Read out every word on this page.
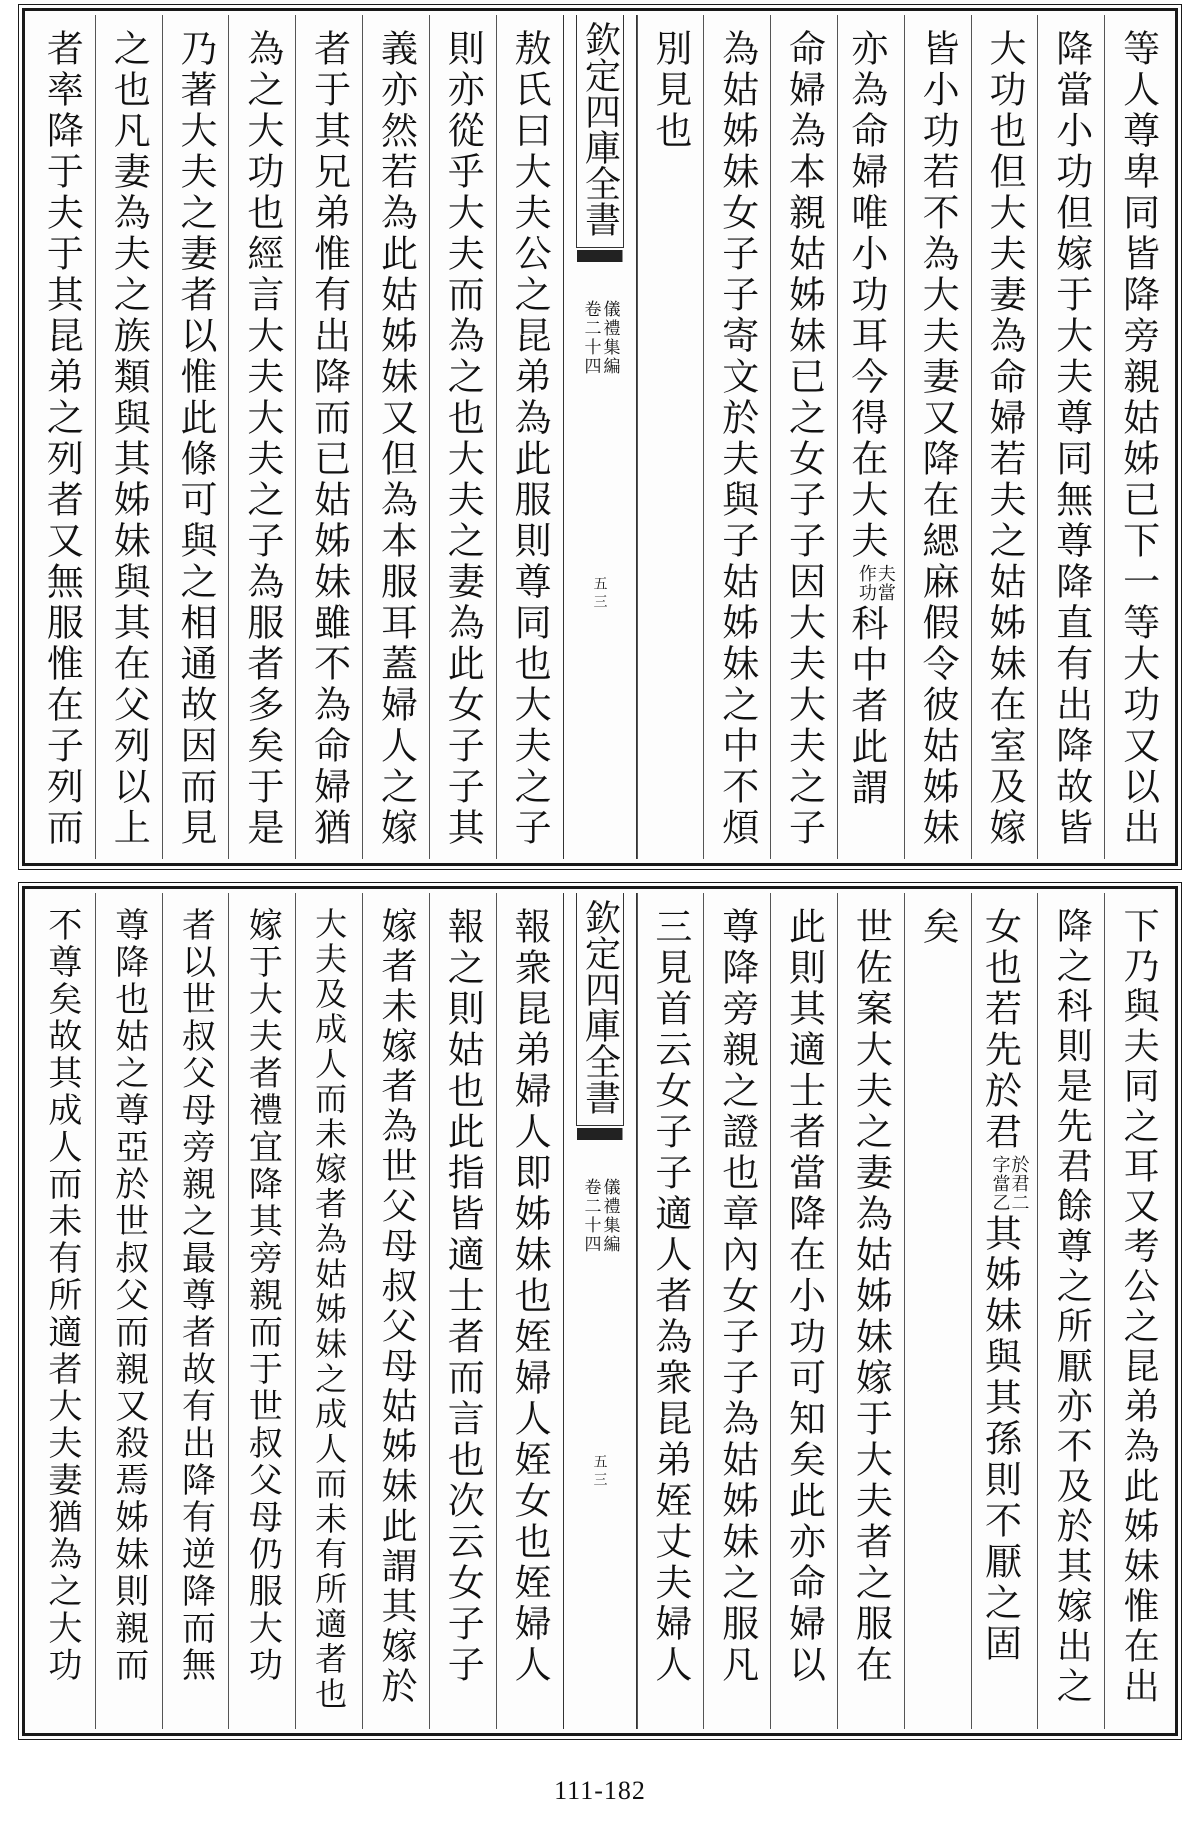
等人尊卑同皆降旁親姑姊已下一等大功又以出
降當小功但嫁于大夫尊同無尊降直有出降故皆
大功也但大夫妻為命婦若夫之姑姊妹在室及嫁
皆小功若不為大夫妻又降在緦麻假令彼姑姊妹
亦為命婦唯小功耳今得在大夫
夫當
作功
科中者此謂
命婦為本親姑姊妹已之女子子因大夫大夫之子
為姑姊妹女子子寄文於夫與子姑姊妹之中不煩
別見也
欽定四庫全書
儀禮集編
卷二十四
五三
敖氏曰大夫公之昆弟為此服則尊同也大夫之子
則亦從乎大夫而為之也大夫之妻為此女子子其
義亦然若為此姑姊妹又但為本服耳蓋婦人之嫁
者于其兄弟惟有出降而已姑姊妹雖不為命婦猶
為之大功也經言大夫大夫之子為服者多矣于是
乃著大夫之妻者以惟此條可與之相通故因而見
之也凡妻為夫之族類與其姊妹與其在父列以上
者率降于夫于其昆弟之列者又無服惟在子列而
下乃與夫同之耳又考公之昆弟為此姊妹惟在出
降之科則是先君餘尊之所厭亦不及於其嫁出之
女也若先於君
於君二
字當乙
其姊妹與其孫則不厭之固
矣
世佐案大夫之妻為姑姊妹嫁于大夫者之服在
此則其適士者當降在小功可知矣此亦命婦以
尊降旁親之證也章內女子子為姑姊妹之服凡
三見首云女子子適人者為衆昆弟姪丈夫婦人
欽定四庫全書
儀禮集編
卷二十四
五三
報衆昆弟婦人即姊妹也姪婦人姪女也姪婦人
報之則姑也此指皆適士者而言也次云女子子
嫁者未嫁者為世父母叔父母姑姊妹此謂其嫁於
大夫及成人而未嫁者為姑姊妹之成人而未有所適者也
嫁于大夫者禮宜降其旁親而于世叔父母仍服大功
者以世叔父母旁親之最尊者故有出降有逆降而無
尊降也姑之尊亞於世叔父而親又殺焉姊妹則親而
不尊矣故其成人而未有所適者大夫妻猶為之大功
111-182
